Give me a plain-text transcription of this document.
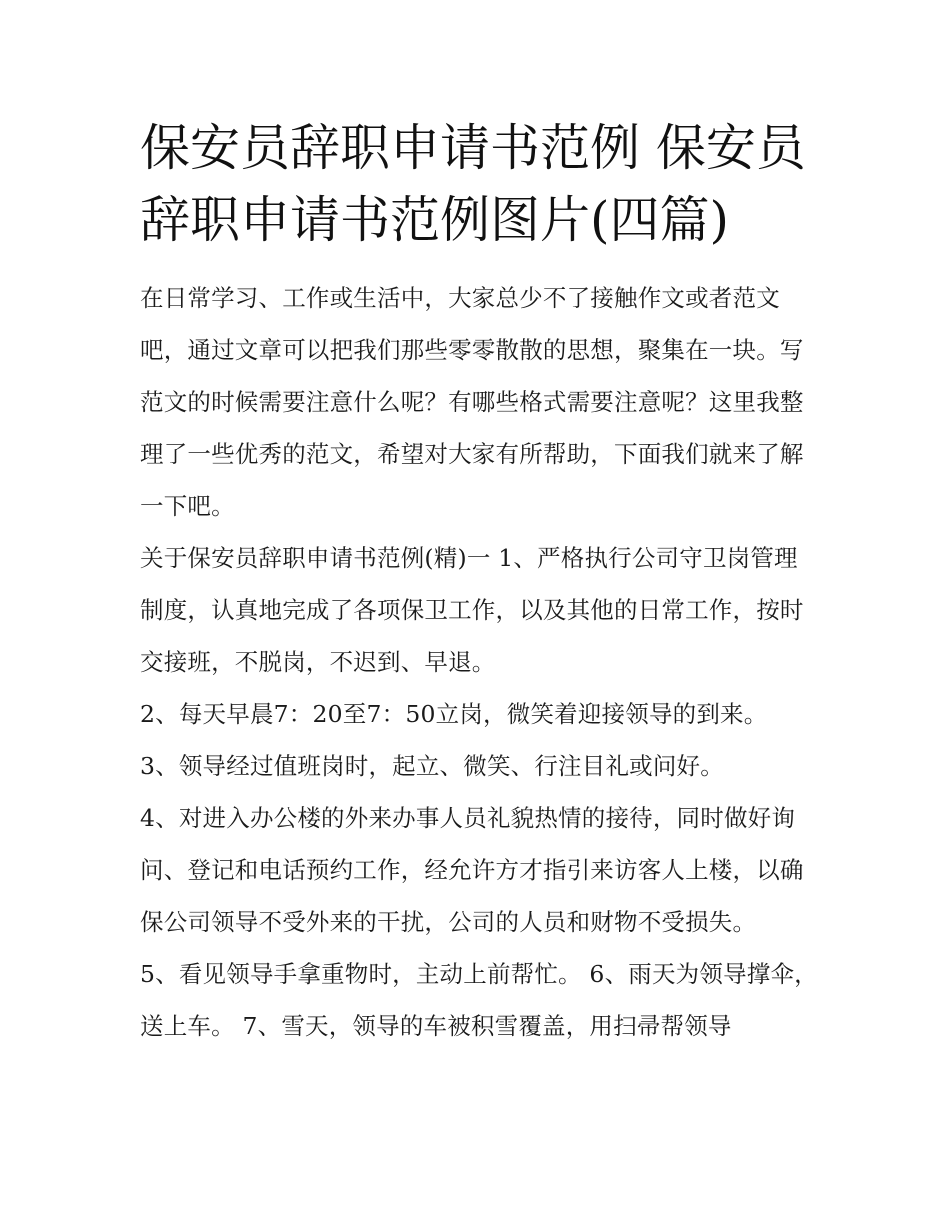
保安员辞职申请书范例 保安员辞职申请书范例图片(四篇)

在日常学习、工作或生活中，大家总少不了接触作文或者范文吧，通过文章可以把我们那些零零散散的思想，聚集在一块。写范文的时候需要注意什么呢？有哪些格式需要注意呢？这里我整理了一些优秀的范文，希望对大家有所帮助，下面我们就来了解一下吧。

关于保安员辞职申请书范例(精)一 1、严格执行公司守卫岗管理制度，认真地完成了各项保卫工作，以及其他的日常工作，按时交接班，不脱岗，不迟到、早退。

2、每天早晨7：20至7：50立岗，微笑着迎接领导的到来。

3、领导经过值班岗时，起立、微笑、行注目礼或问好。

4、对进入办公楼的外来办事人员礼貌热情的接待，同时做好询问、登记和电话预约工作，经允许方才指引来访客人上楼，以确保公司领导不受外来的干扰，公司的人员和财物不受损失。

5、看见领导手拿重物时，主动上前帮忙。 6、雨天为领导撑伞，送上车。 7、雪天，领导的车被积雪覆盖，用扫帚帮领导
